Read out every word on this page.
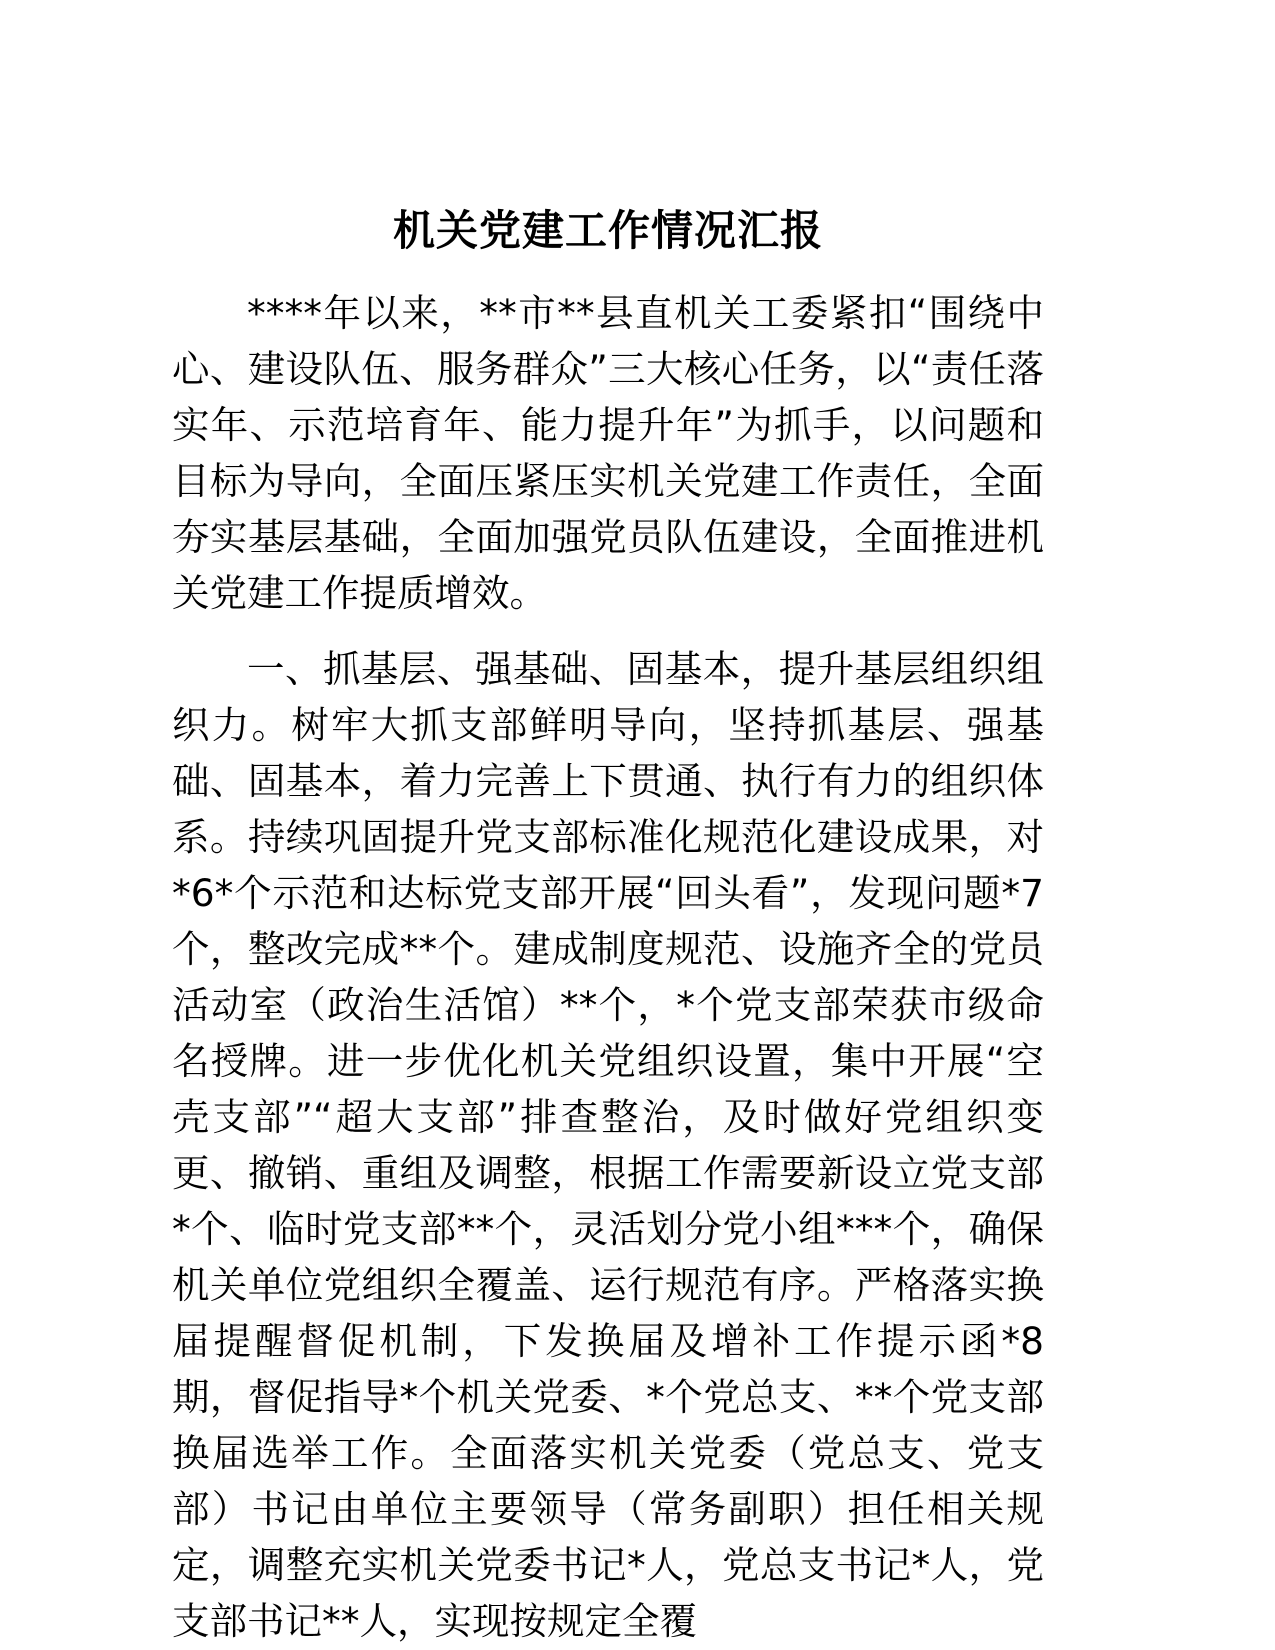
机关党建工作情况汇报

****年以来，**市**县直机关工委紧扣“围绕中心、建设队伍、服务群众”三大核心任务，以“责任落实年、示范培育年、能力提升年”为抓手，以问题和目标为导向，全面压紧压实机关党建工作责任，全面夯实基层基础，全面加强党员队伍建设，全面推进机关党建工作提质增效。

一、抓基层、强基础、固基本，提升基层组织组织力。树牢大抓支部鲜明导向，坚持抓基层、强基础、固基本，着力完善上下贯通、执行有力的组织体系。持续巩固提升党支部标准化规范化建设成果，对*6*个示范和达标党支部开展“回头看”，发现问题*7 个，整改完成**个。建成制度规范、设施齐全的党员活动室（政治生活馆）**个，*个党支部荣获市级命名授牌。进一步优化机关党组织设置，集中开展“空壳支部”“超大支部”排查整治，及时做好党组织变更、撤销、重组及调整，根据工作需要新设立党支部*个、临时党支部**个，灵活划分党小组***个，确保机关单位党组织全覆盖、运行规范有序。严格落实换届提醒督促机制，下发换届及增补工作提示函*8 期，督促指导*个机关党委、*个党总支、**个党支部换届选举工作。全面落实机关党委（党总支、党支部）书记由单位主要领导（常务副职）担任相关规定，调整充实机关党委书记*人，党总支书记*人，党支部书记**人，实现按规定全覆
